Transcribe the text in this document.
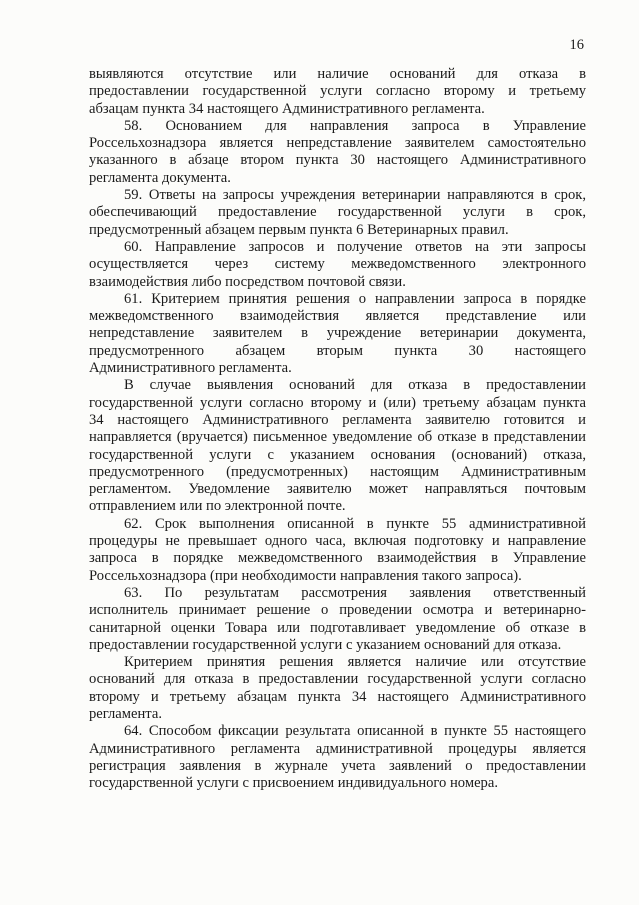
16
выявляются отсутствие или наличие оснований для отказа в
предоставлении государственной услуги согласно второму и третьему
абзацам пункта 34 настоящего Административного регламента.
58. Основанием для направления запроса в Управление
Россельхознадзора является непредставление заявителем самостоятельно
указанного в абзаце втором пункта 30 настоящего Административного
регламента документа.
59. Ответы на запросы учреждения ветеринарии направляются в срок,
обеспечивающий предоставление государственной услуги в срок,
предусмотренный абзацем первым пункта 6 Ветеринарных правил.
60. Направление запросов и получение ответов на эти запросы
осуществляется через систему межведомственного электронного
взаимодействия либо посредством почтовой связи.
61. Критерием принятия решения о направлении запроса в порядке
межведомственного взаимодействия является представление или
непредставление заявителем в учреждение ветеринарии документа,
предусмотренного абзацем вторым пункта 30 настоящего
Административного регламента.
В случае выявления оснований для отказа в предоставлении
государственной услуги согласно второму и (или) третьему абзацам пункта
34 настоящего Административного регламента заявителю готовится и
направляется (вручается) письменное уведомление об отказе в представлении
государственной услуги с указанием основания (оснований) отказа,
предусмотренного (предусмотренных) настоящим Административным
регламентом. Уведомление заявителю может направляться почтовым
отправлением или по электронной почте.
62. Срок выполнения описанной в пункте 55 административной
процедуры не превышает одного часа, включая подготовку и направление
запроса в порядке межведомственного взаимодействия в Управление
Россельхознадзора (при необходимости направления такого запроса).
63. По результатам рассмотрения заявления ответственный
исполнитель принимает решение о проведении осмотра и ветеринарно-
санитарной оценки Товара или подготавливает уведомление об отказе в
предоставлении государственной услуги с указанием оснований для отказа.
Критерием принятия решения является наличие или отсутствие
оснований для отказа в предоставлении государственной услуги согласно
второму и третьему абзацам пункта 34 настоящего Административного
регламента.
64. Способом фиксации результата описанной в пункте 55 настоящего
Административного регламента административной процедуры является
регистрация заявления в журнале учета заявлений о предоставлении
государственной услуги с присвоением индивидуального номера.
